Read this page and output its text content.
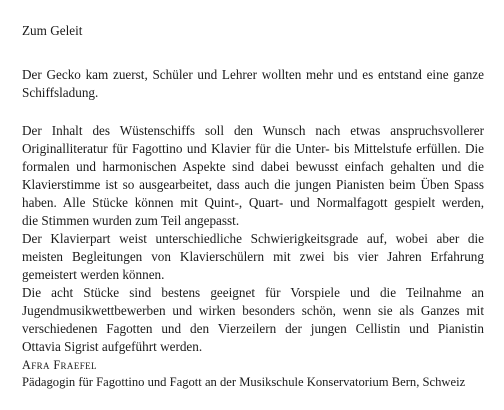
Zum Geleit
Der Gecko kam zuerst, Schüler und Lehrer wollten mehr und es entstand eine ganze
Schiffsladung.
Der Inhalt des Wüstenschiffs soll den Wunsch nach etwas anspruchsvollerer
Originalliteratur für Fagottino und Klavier für die Unter- bis Mittelstufe erfüllen. Die
formalen und harmonischen Aspekte sind dabei bewusst einfach gehalten und die
Klavierstimme ist so ausgearbeitet, dass auch die jungen Pianisten beim Üben Spass
haben. Alle Stücke können mit Quint-, Quart- und Normalfagott gespielt werden,
die Stimmen wurden zum Teil angepasst.
Der Klavierpart weist unterschiedliche Schwierigkeitsgrade auf, wobei aber die
meisten Begleitungen von Klavierschülern mit zwei bis vier Jahren Erfahrung
gemeistert werden können.
Die acht Stücke sind bestens geeignet für Vorspiele und die Teilnahme an
Jugendmusikwettbewerben und wirken besonders schön, wenn sie als Ganzes mit
verschiedenen Fagotten und den Vierzeilern der jungen Cellistin und Pianistin
Ottavia Sigrist aufgeführt werden.
Afra Fraefel
Pädagogin für Fagottino und Fagott an der Musikschule Konservatorium Bern, Schweiz
